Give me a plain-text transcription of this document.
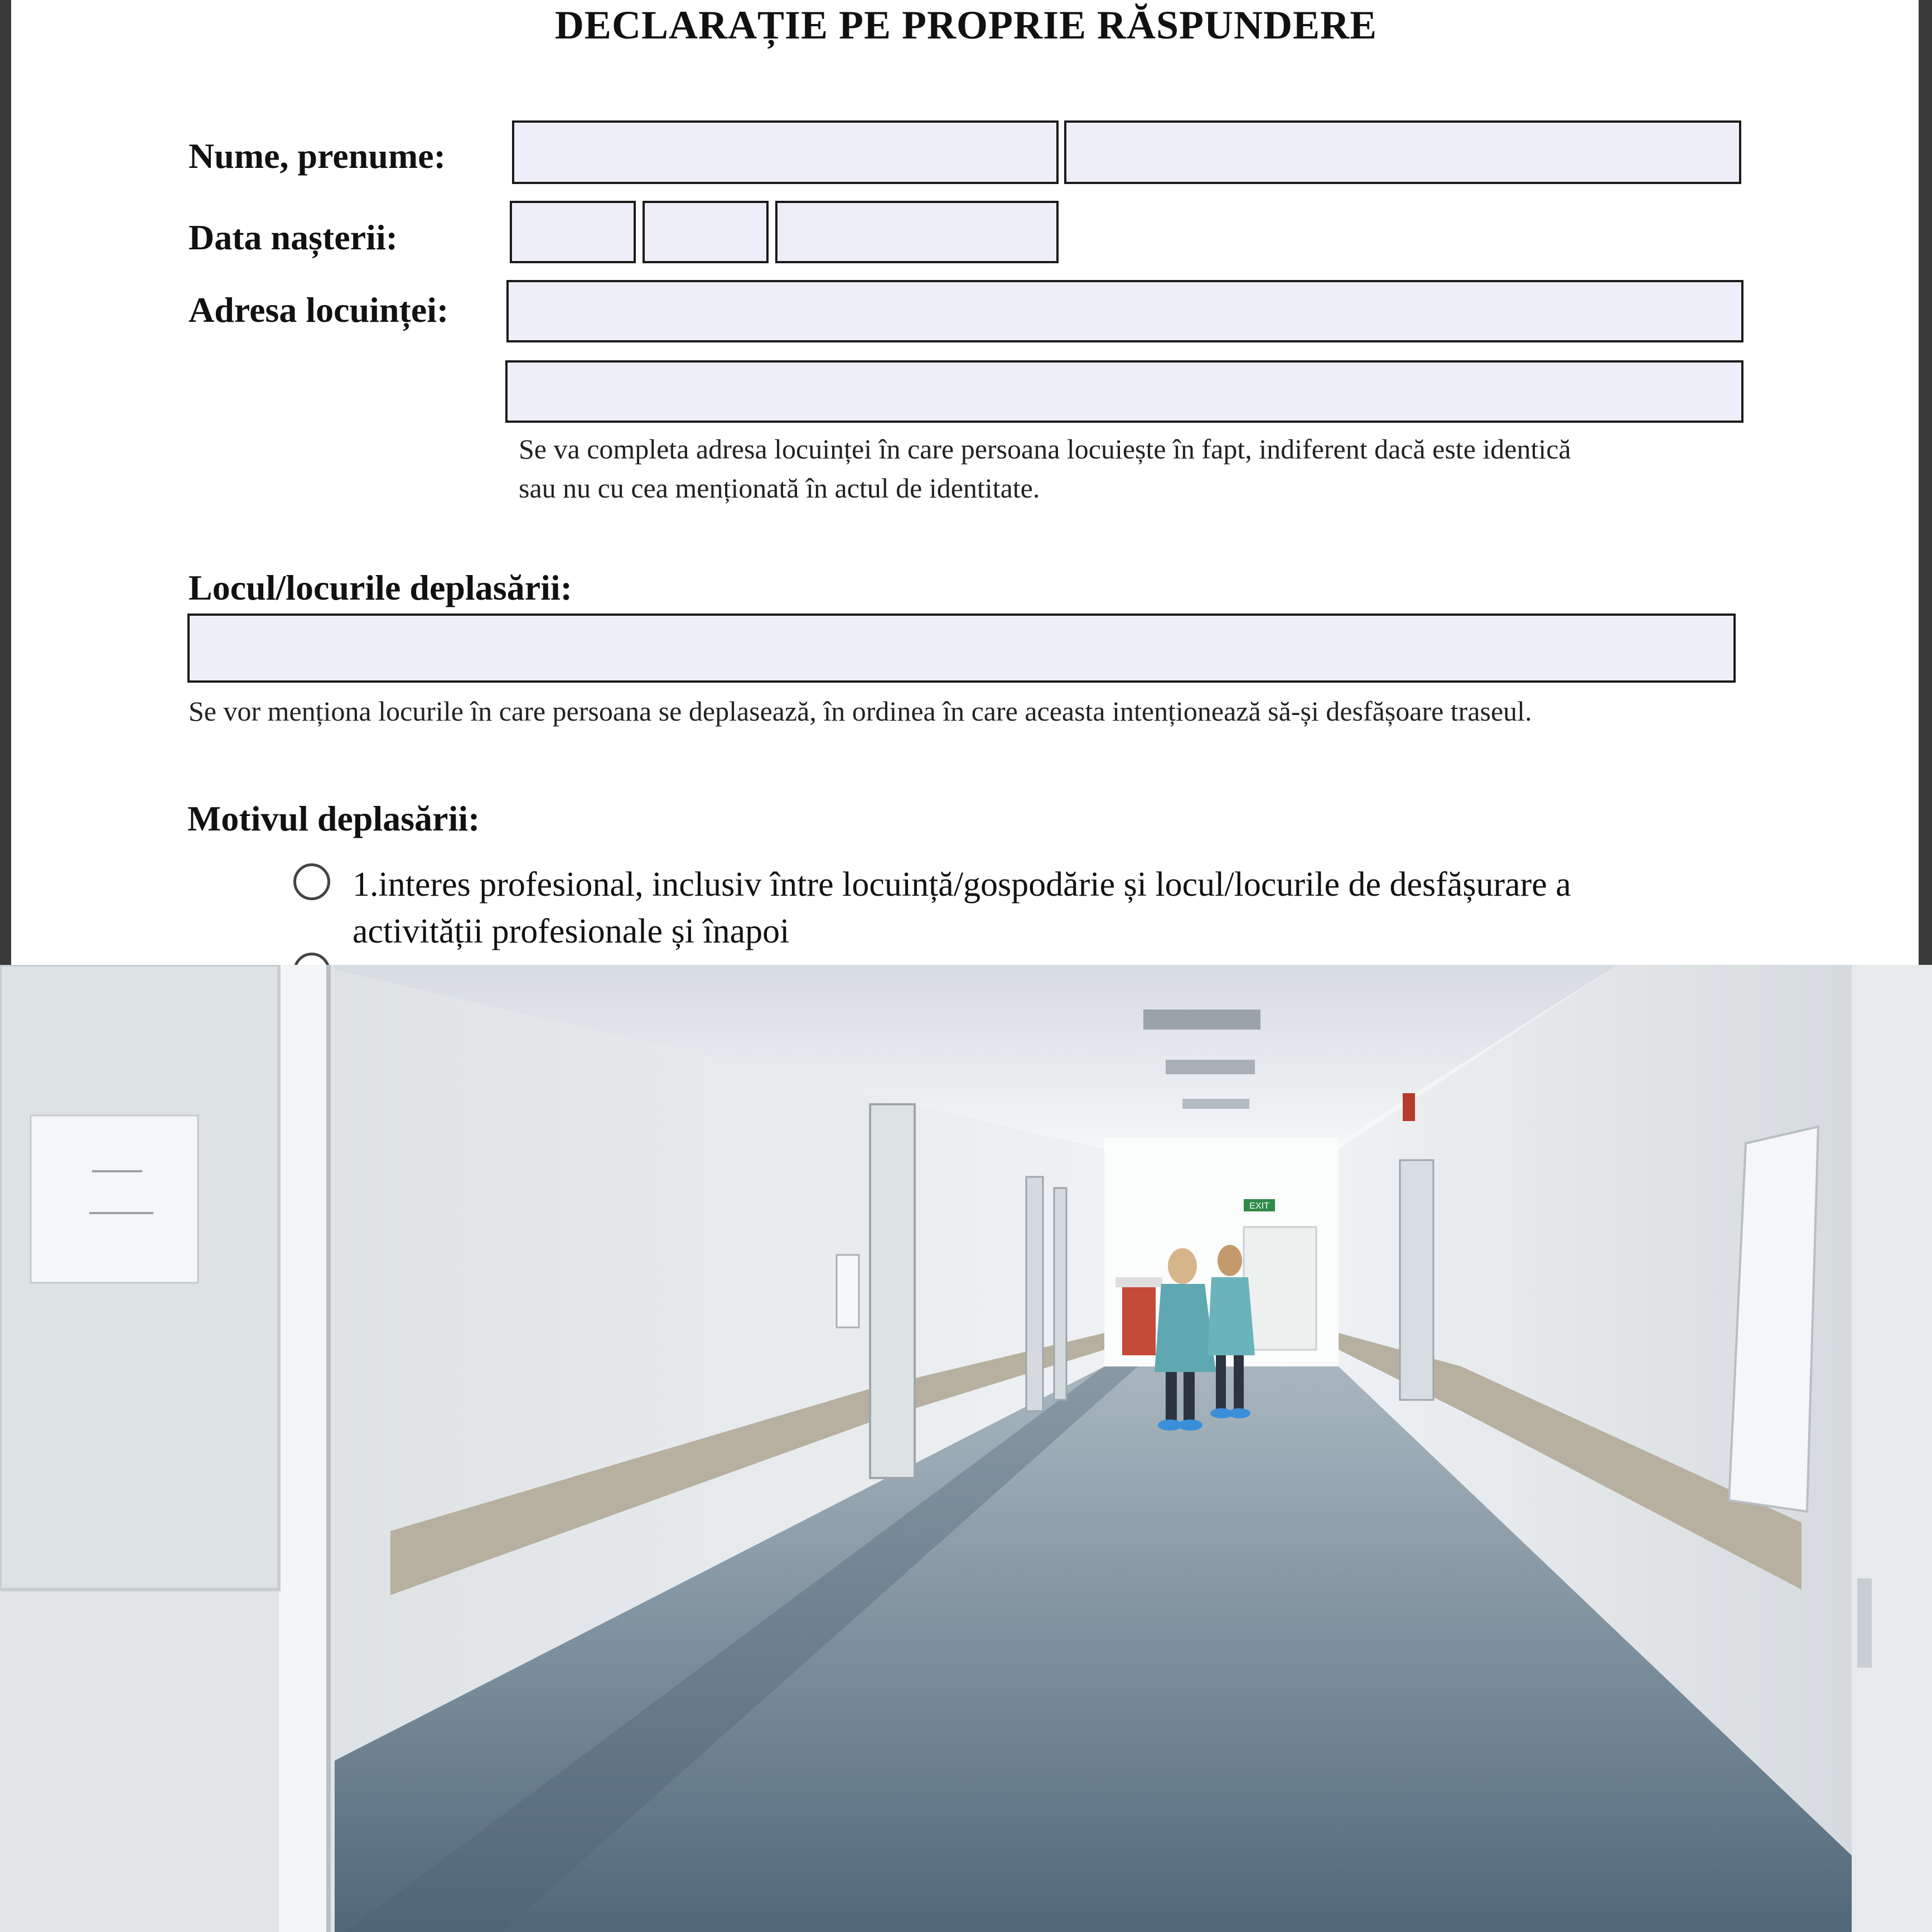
DECLARAȚIE PE PROPRIE RĂSPUNDERE
Nume, prenume:
Data nașterii:
Adresa locuinței:
Se va completa adresa locuinței în care persoana locuiește în fapt, indiferent dacă este identică
sau nu cu cea menționată în actul de identitate.
Locul/locurile deplasării:
Se vor menționa locurile în care persoana se deplasează, în ordinea în care aceasta intenționează să-și desfășoare traseul.
Motivul deplasării:
1.interes profesional, inclusiv între locuință/gospodărie și locul/locurile de desfășurare a
activității profesionale și înapoi
EXIT
